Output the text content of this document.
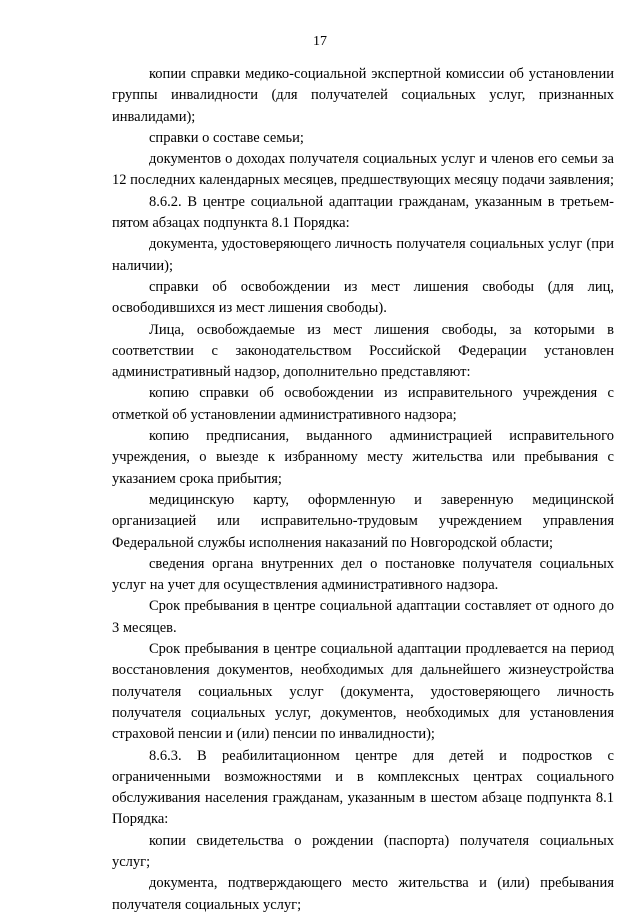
17

копии справки медико-социальной экспертной комиссии об установлении группы инвалидности (для получателей социальных услуг, признанных инвалидами);

справки о составе семьи;

документов о доходах получателя социальных услуг и членов его семьи за 12 последних календарных месяцев, предшествующих месяцу подачи заявления;

8.6.2. В центре социальной адаптации гражданам, указанным в третьем-пятом абзацах подпункта 8.1 Порядка:

документа, удостоверяющего личность получателя социальных услуг (при наличии);

справки об освобождении из мест лишения свободы (для лиц, освободившихся из мест лишения свободы).

Лица, освобождаемые из мест лишения свободы, за которыми в соответствии с законодательством Российской Федерации установлен административный надзор, дополнительно представляют:

копию справки об освобождении из исправительного учреждения с отметкой об установлении административного надзора;

копию предписания, выданного администрацией исправительного учреждения, о выезде к избранному месту жительства или пребывания с указанием срока прибытия;

медицинскую карту, оформленную и заверенную медицинской организацией или исправительно-трудовым учреждением управления Федеральной службы исполнения наказаний по Новгородской области;

сведения органа внутренних дел о постановке получателя социальных услуг на учет для осуществления административного надзора.

Срок пребывания в центре социальной адаптации составляет от одного до 3 месяцев.

Срок пребывания в центре социальной адаптации продлевается на период восстановления документов, необходимых для дальнейшего жизнеустройства получателя социальных услуг (документа, удостоверяющего личность получателя социальных услуг, документов, необходимых для установления страховой пенсии и (или) пенсии по инвалидности);

8.6.3. В реабилитационном центре для детей и подростков с ограниченными возможностями и в комплексных центрах социального обслуживания населения гражданам, указанным в шестом абзаце подпункта 8.1 Порядка:

копии свидетельства о рождении (паспорта) получателя социальных услуг;

документа, подтверждающего место жительства и (или) пребывания получателя социальных услуг;
